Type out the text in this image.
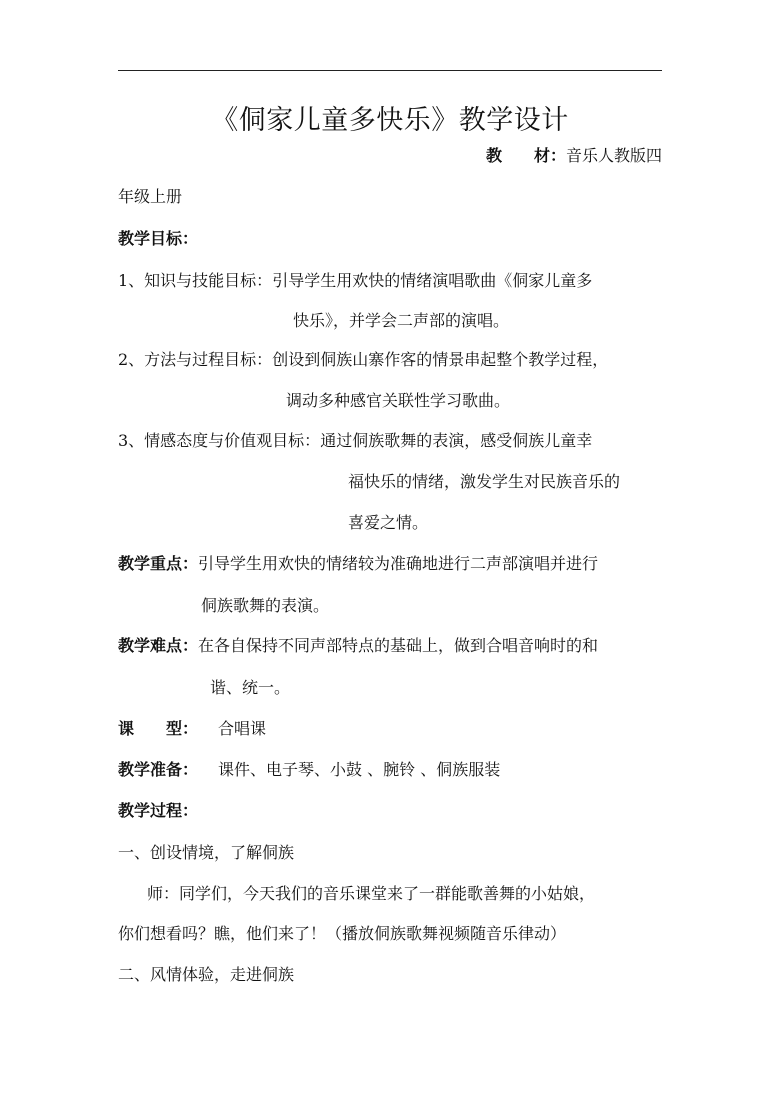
《侗家儿童多快乐》教学设计
教　　材：音乐人教版四
年级上册
教学目标：
1、知识与技能目标：引导学生用欢快的情绪演唱歌曲《侗家儿童多
快乐》，并学会二声部的演唱。
2、方法与过程目标：创设到侗族山寨作客的情景串起整个教学过程，
调动多种感官关联性学习歌曲。
3、情感态度与价值观目标：通过侗族歌舞的表演，感受侗族儿童幸
福快乐的情绪，激发学生对民族音乐的
喜爱之情。
教学重点：引导学生用欢快的情绪较为准确地进行二声部演唱并进行
侗族歌舞的表演。
教学难点：在各自保持不同声部特点的基础上，做到合唱音响时的和
谐、统一。
课　　型： 合唱课
教学准备： 课件、电子琴、小鼓 、腕铃 、侗族服装
教学过程：
一、创设情境，了解侗族
师：同学们，今天我们的音乐课堂来了一群能歌善舞的小姑娘，
你们想看吗？瞧，他们来了！（播放侗族歌舞视频随音乐律动）
二、风情体验，走进侗族
